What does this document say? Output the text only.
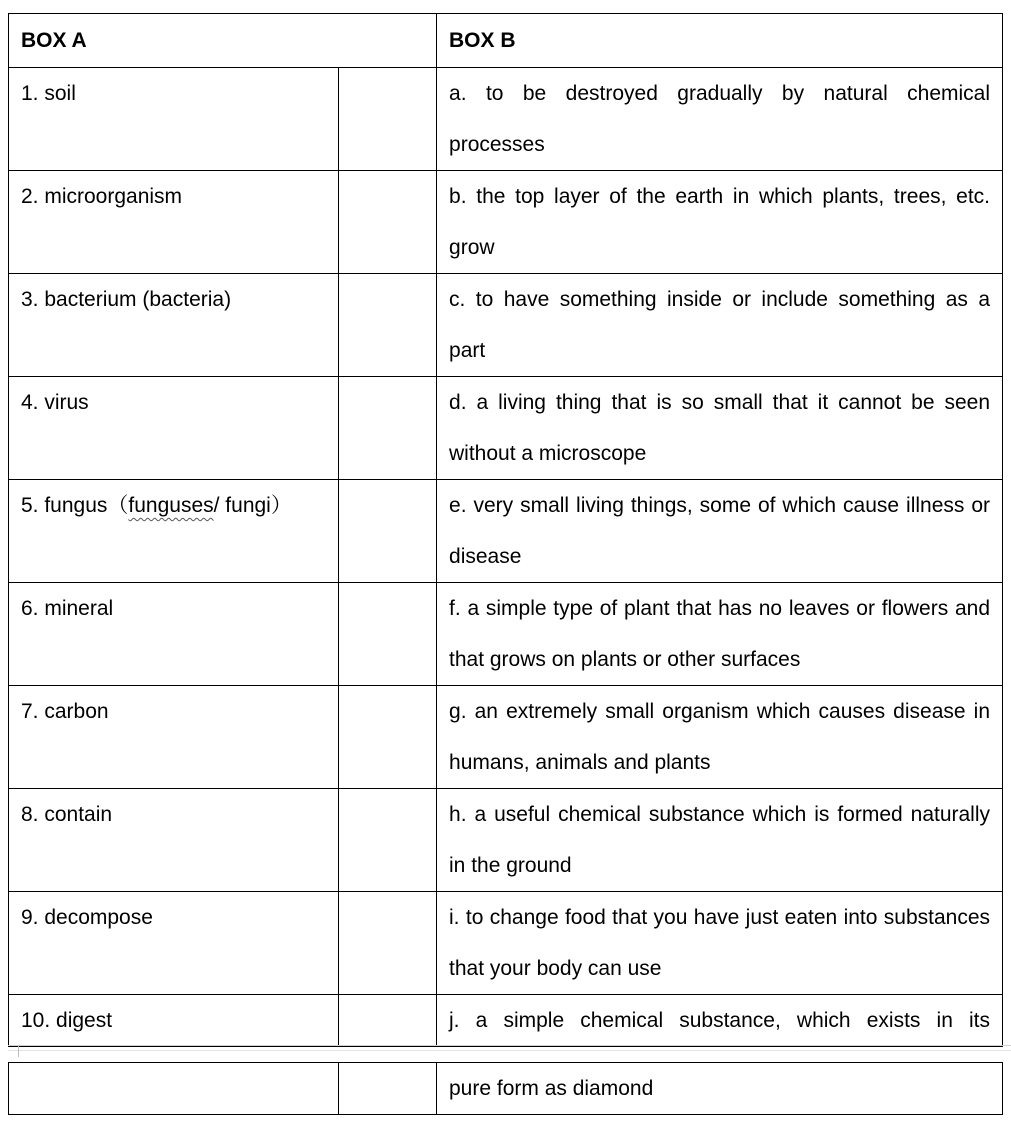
BOX A		BOX B
1. soil		a. to be destroyed gradually by natural chemical processes
2. microorganism		b. the top layer of the earth in which plants, trees, etc. grow
3. bacterium (bacteria)		c. to have something inside or include something as a part
4. virus		d. a living thing that is so small that it cannot be seen without a microscope
5. fungus（funguses/ fungi）		e. very small living things, some of which cause illness or disease
6. mineral		f. a simple type of plant that has no leaves or flowers and that grows on plants or other surfaces
7. carbon		g. an extremely small organism which causes disease in humans, animals and plants
8. contain		h. a useful chemical substance which is formed naturally in the ground
9. decompose		i. to change food that you have just eaten into substances that your body can use
10. digest		j. a simple chemical substance, which exists in its
		pure form as diamond
